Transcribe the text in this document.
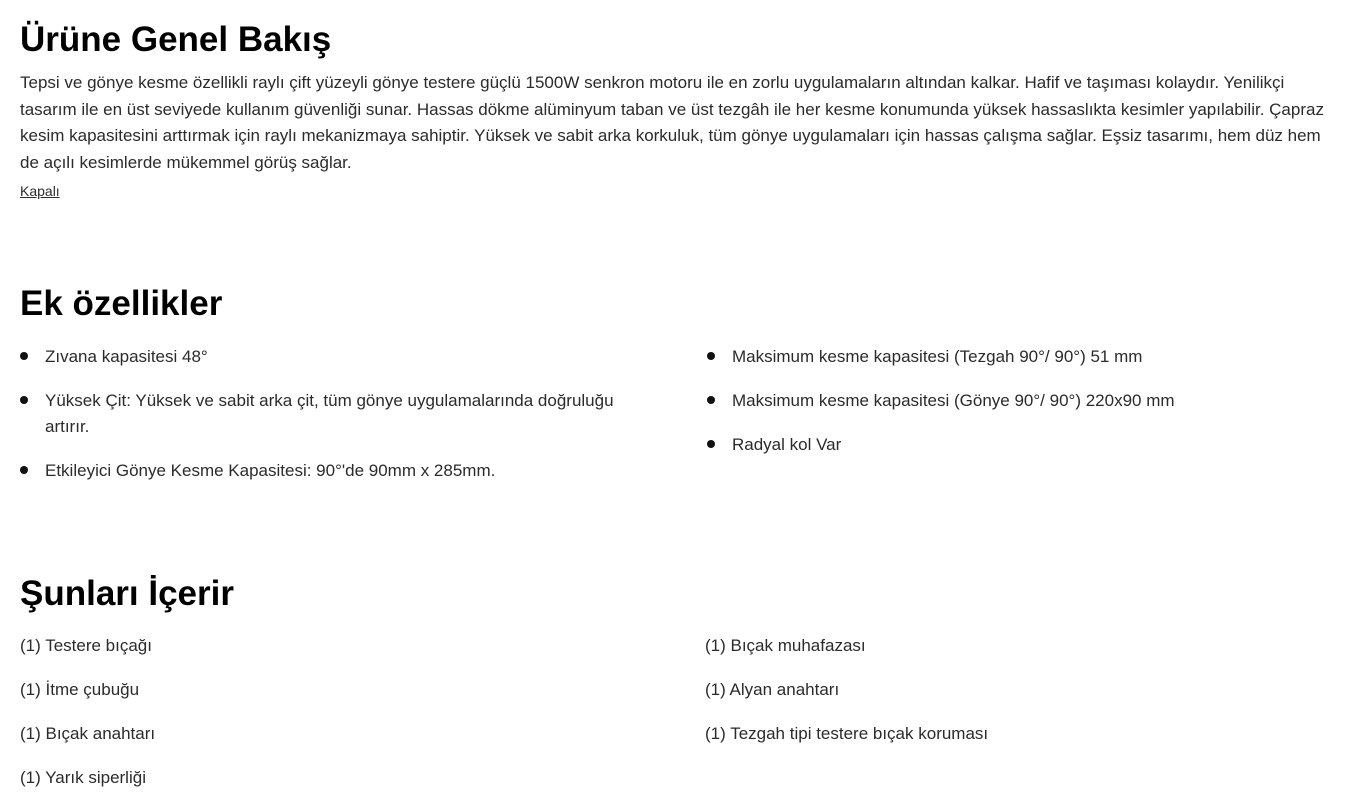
Ürüne Genel Bakış

Tepsi ve gönye kesme özellikli raylı çift yüzeyli gönye testere güçlü 1500W senkron motoru ile en zorlu uygulamaların altından kalkar. Hafif ve taşıması kolaydır. Yenilikçi tasarım ile en üst seviyede kullanım güvenliği sunar. Hassas dökme alüminyum taban ve üst tezgâh ile her kesme konumunda yüksek hassaslıkta kesimler yapılabilir. Çapraz kesim kapasitesini arttırmak için raylı mekanizmaya sahiptir. Yüksek ve sabit arka korkuluk, tüm gönye uygulamaları için hassas çalışma sağlar. Eşsiz tasarımı, hem düz hem de açılı kesimlerde mükemmel görüş sağlar.

Kapalı
Ek özellikler
Zıvana kapasitesi 48°
Yüksek Çit: Yüksek ve sabit arka çit, tüm gönye uygulamalarında doğruluğu artırır.
Etkileyici Gönye Kesme Kapasitesi: 90°'de 90mm x 285mm.
Maksimum kesme kapasitesi (Tezgah 90°/ 90°) 51 mm
Maksimum kesme kapasitesi (Gönye 90°/ 90°) 220x90 mm
Radyal kol Var
Şunları İçerir
(1) Testere bıçağı
(1) İtme çubuğu
(1) Bıçak anahtarı
(1) Yarık siperliği
(1) Bıçak muhafazası
(1) Alyan anahtarı
(1) Tezgah tipi testere bıçak koruması
